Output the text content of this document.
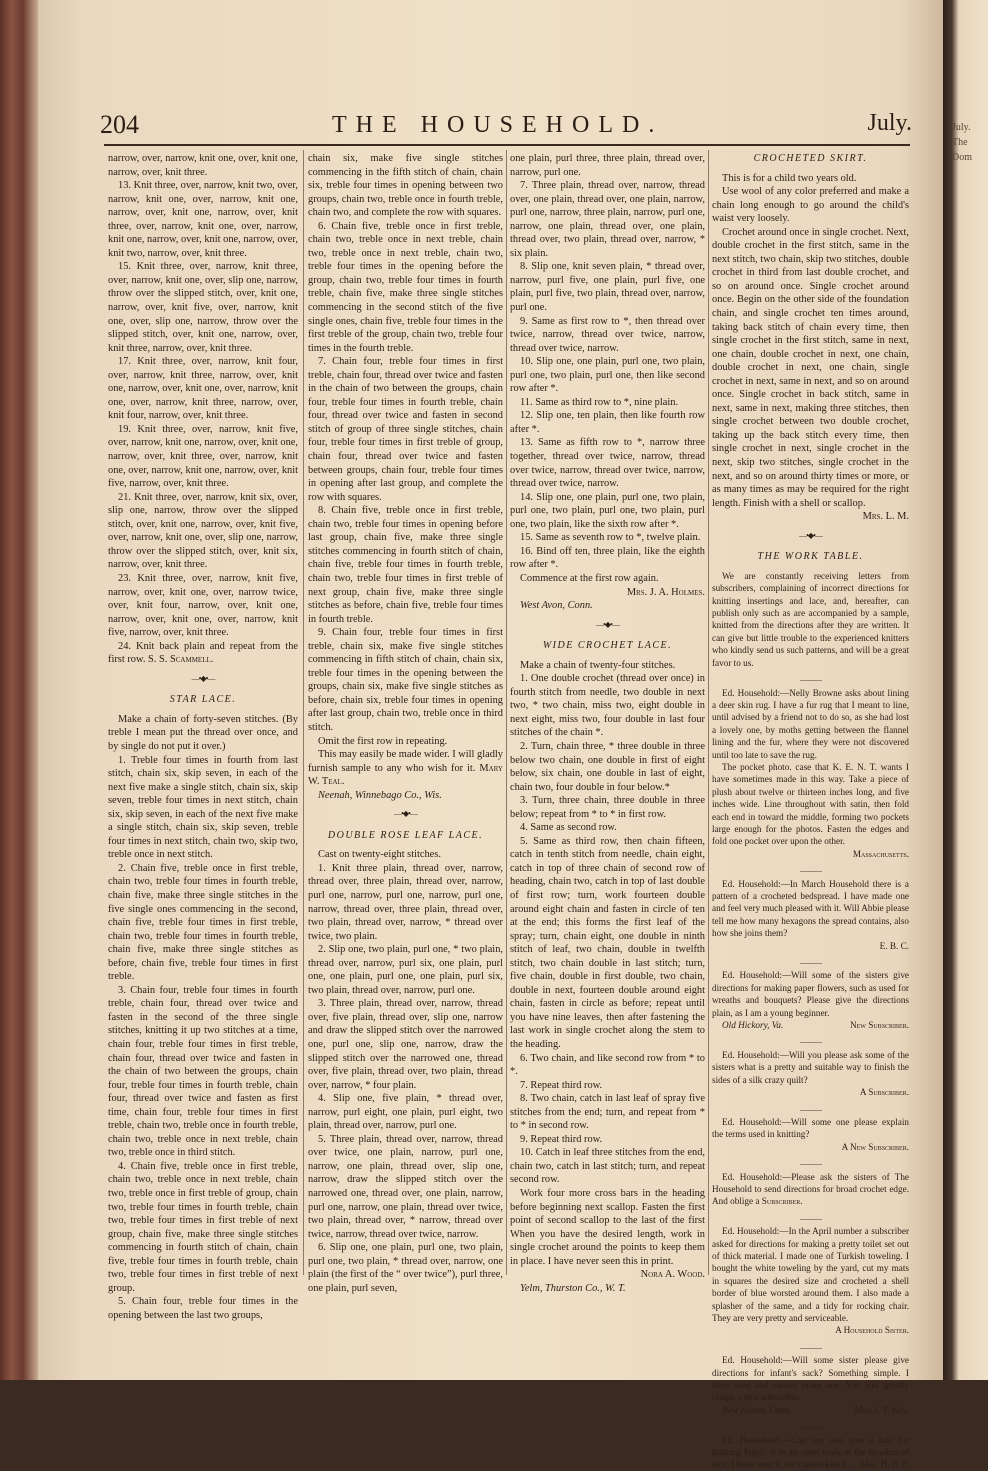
July.
The Dom
204	THE HOUSEHOLD.	July.

narrow, over, narrow, knit one, over, knit one, narrow, over, knit three.

13. Knit three, over, narrow, knit two, over, narrow, knit one, over, narrow, knit one, narrow, over, knit one, narrow, over, knit three, over, narrow, knit one, over, narrow, knit one, narrow, over, knit one, narrow, over, knit two, narrow, over, knit three.

15. Knit three, over, narrow, knit three, over, narrow, knit one, over, slip one, narrow, throw over the slipped stitch, over, knit one, narrow, over, knit five, over, narrow, knit one, over, slip one, narrow, throw over the slipped stitch, over, knit one, narrow, over, knit three, narrow, over, knit three.

17. Knit three, over, narrow, knit four, over, narrow, knit three, narrow, over, knit one, narrow, over, knit one, over, narrow, knit one, over, narrow, knit three, narrow, over, knit four, narrow, over, knit three.

19. Knit three, over, narrow, knit five, over, narrow, knit one, narrow, over, knit one, narrow, over, knit three, over, narrow, knit one, over, narrow, knit one, narrow, over, knit five, narrow, over, knit three.

21. Knit three, over, narrow, knit six, over, slip one, narrow, throw over the slipped stitch, over, knit one, narrow, over, knit five, over, narrow, knit one, over, slip one, narrow, throw over the slipped stitch, over, knit six, narrow, over, knit three.

23. Knit three, over, narrow, knit five, narrow, over, knit one, over, narrow twice, over, knit four, narrow, over, knit one, narrow, over, knit one, over, narrow, knit five, narrow, over, knit three.

24. Knit back plain and repeat from the first row. S. S. Scammell.

―•◆•―
STAR LACE.

Make a chain of forty-seven stitches. (By treble I mean put the thread over once, and by single do not put it over.)

1. Treble four times in fourth from last stitch, chain six, skip seven, in each of the next five make a single stitch, chain six, skip seven, treble four times in next stitch, chain six, skip seven, in each of the next five make a single stitch, chain six, skip seven, treble four times in next stitch, chain two, skip two, treble once in next stitch.

2. Chain five, treble once in first treble, chain two, treble four times in fourth treble, chain five, make three single stitches in the five single ones commencing in the second, chain five, treble four times in first treble, chain two, treble four times in fourth treble, chain five, make three single stitches as before, chain five, treble four times in first treble.

3. Chain four, treble four times in fourth treble, chain four, thread over twice and fasten in the second of the three single stitches, knitting it up two stitches at a time, chain four, treble four times in first treble, chain four, thread over twice and fasten in the chain of two between the groups, chain four, treble four times in fourth treble, chain four, thread over twice and fasten as first time, chain four, treble four times in first treble, chain two, treble once in fourth treble, chain two, treble once in next treble, chain two, treble once in third stitch.

4. Chain five, treble once in first treble, chain two, treble once in next treble, chain two, treble once in first treble of group, chain two, treble four times in fourth treble, chain two, treble four times in first treble of next group, chain five, make three single stitches commencing in fourth stitch of chain, chain five, treble four times in fourth treble, chain two, treble four times in first treble of next group.

5. Chain four, treble four times in the opening between the last two groups,

chain six, make five single stitches commencing in the fifth stitch of chain, chain six, treble four times in opening between two groups, chain two, treble once in fourth treble, chain two, and complete the row with squares.

6. Chain five, treble once in first treble, chain two, treble once in next treble, chain two, treble once in next treble, chain two, treble four times in the opening before the group, chain two, treble four times in fourth treble, chain five, make three single stitches commencing in the second stitch of the five single ones, chain five, treble four times in the first treble of the group, chain two, treble four times in the fourth treble.

7. Chain four, treble four times in first treble, chain four, thread over twice and fasten in the chain of two between the groups, chain four, treble four times in fourth treble, chain four, thread over twice and fasten in second stitch of group of three single stitches, chain four, treble four times in first treble of group, chain four, thread over twice and fasten between groups, chain four, treble four times in opening after last group, and complete the row with squares.

8. Chain five, treble once in first treble, chain two, treble four times in opening before last group, chain five, make three single stitches commencing in fourth stitch of chain, chain five, treble four times in fourth treble, chain two, treble four times in first treble of next group, chain five, make three single stitches as before, chain five, treble four times in fourth treble.

9. Chain four, treble four times in first treble, chain six, make five single stitches commencing in fifth stitch of chain, chain six, treble four times in the opening between the groups, chain six, make five single stitches as before, chain six, treble four times in opening after last group, chain two, treble once in third stitch.

Omit the first row in repeating.

This may easily be made wider. I will gladly furnish sample to any who wish for it. Mary W. Teal.

Neenah, Winnebago Co., Wis.

―•◆•―
DOUBLE ROSE LEAF LACE.

Cast on twenty-eight stitches.

1. Knit three plain, thread over, narrow, thread over, three plain, thread over, narrow, purl one, narrow, purl one, narrow, purl one, narrow, thread over, three plain, thread over, two plain, thread over, narrow, * thread over twice, two plain.

2. Slip one, two plain, purl one, * two plain, thread over, narrow, purl six, one plain, purl one, one plain, purl one, one plain, purl six, two plain, thread over, narrow, purl one.

3. Three plain, thread over, narrow, thread over, five plain, thread over, slip one, narrow and draw the slipped stitch over the narrowed one, purl one, slip one, narrow, draw the slipped stitch over the narrowed one, thread over, five plain, thread over, two plain, thread over, narrow, * four plain.

4. Slip one, five plain, * thread over, narrow, purl eight, one plain, purl eight, two plain, thread over, narrow, purl one.

5. Three plain, thread over, narrow, thread over twice, one plain, narrow, purl one, narrow, one plain, thread over, slip one, narrow, draw the slipped stitch over the narrowed one, thread over, one plain, narrow, purl one, narrow, one plain, thread over twice, two plain, thread over, * narrow, thread over twice, narrow, thread over twice, narrow.

6. Slip one, one plain, purl one, two plain, purl one, two plain, * thread over, narrow, one plain (the first of the “ over twice”), purl three, one plain, purl seven,

one plain, purl three, three plain, thread over, narrow, purl one.

7. Three plain, thread over, narrow, thread over, one plain, thread over, one plain, narrow, purl one, narrow, three plain, narrow, purl one, narrow, one plain, thread over, one plain, thread over, two plain, thread over, narrow, * six plain.

8. Slip one, knit seven plain, * thread over, narrow, purl five, one plain, purl five, one plain, purl five, two plain, thread over, narrow, purl one.

9. Same as first row to *, then thread over twice, narrow, thread over twice, narrow, thread over twice, narrow.

10. Slip one, one plain, purl one, two plain, purl one, two plain, purl one, then like second row after *.

11. Same as third row to *, nine plain.

12. Slip one, ten plain, then like fourth row after *.

13. Same as fifth row to *, narrow three together, thread over twice, narrow, thread over twice, narrow, thread over twice, narrow, thread over twice, narrow.

14. Slip one, one plain, purl one, two plain, purl one, two plain, purl one, two plain, purl one, two plain, like the sixth row after *.

15. Same as seventh row to *, twelve plain.

16. Bind off ten, three plain, like the eighth row after *.

Commence at the first row again.

Mrs. J. A. Holmes.

West Avon, Conn.

―•◆•―
WIDE CROCHET LACE.

Make a chain of twenty-four stitches.

1. One double crochet (thread over once) in fourth stitch from needle, two double in next two, * two chain, miss two, eight double in next eight, miss two, four double in last four stitches of the chain *.

2. Turn, chain three, * three double in three below two chain, one double in first of eight below, six chain, one double in last of eight, chain two, four double in four below.*

3. Turn, three chain, three double in three below; repeat from * to * in first row.

4. Same as second row.

5. Same as third row, then chain fifteen, catch in tenth stitch from needle, chain eight, catch in top of three chain of second row of heading, chain two, catch in top of last double of first row; turn, work fourteen double around eight chain and fasten in circle of ten at the end; this forms the first leaf of the spray; turn, chain eight, one double in ninth stitch of leaf, two chain, double in twelfth stitch, two chain double in last stitch; turn, five chain, double in first double, two chain, double in next, fourteen double around eight chain, fasten in circle as before; repeat until you have nine leaves, then after fastening the last work in single crochet along the stem to the heading.

6. Two chain, and like second row from * to *.

7. Repeat third row.

8. Two chain, catch in last leaf of spray five stitches from the end; turn, and repeat from * to * in second row.

9. Repeat third row.

10. Catch in leaf three stitches from the end, chain two, catch in last stitch; turn, and repeat second row.

Work four more cross bars in the heading before beginning next scallop. Fasten the first point of second scallop to the last of the first When you have the desired length, work in single crochet around the points to keep them in place. I have never seen this in print.

Nora A. Wood.

Yelm, Thurston Co., W. T.

CROCHETED SKIRT.

This is for a child two years old.

Use wool of any color preferred and make a chain long enough to go around the child's waist very loosely.

Crochet around once in single crochet. Next, double crochet in the first stitch, same in the next stitch, two chain, skip two stitches, double crochet in third from last double crochet, and so on around once. Single crochet around once. Begin on the other side of the foundation chain, and single crochet ten times around, taking back stitch of chain every time, then single crochet in the first stitch, same in next, one chain, double crochet in next, one chain, double crochet in next, one chain, single crochet in next, same in next, and so on around once. Single crochet in back stitch, same in next, same in next, making three stitches, then single crochet between two double crochet, taking up the back stitch every time, then single crochet in next, single crochet in the next, skip two stitches, single crochet in the next, and so on around thirty times or more, or as many times as may be required for the right length. Finish with a shell or scallop.

Mrs. L. M.

―•◆•―
THE WORK TABLE.

We are constantly receiving letters from subscribers, complaining of incorrect directions for knitting insertings and lace, and, hereafter, can publish only such as are accompanied by a sample, knitted from the directions after they are written. It can give but little trouble to the experienced knitters who kindly send us such patterns, and will be a great favor to us.

―――

Ed. Household:—Nelly Browne asks about lining a deer skin rug. I have a fur rug that I meant to line, until advised by a friend not to do so, as she had lost a lovely one, by moths getting between the flannel lining and the fur, where they were not discovered until too late to save the rug.

The pocket photo. case that K. E. N. T. wants I have sometimes made in this way. Take a piece of plush about twelve or thirteen inches long, and five inches wide. Line throughout with satin, then fold each end in toward the middle, forming two pockets large enough for the photos. Fasten the edges and fold one pocket over upon the other.

Massachusetts.

―――

Ed. Household:—In March Household there is a pattern of a crocheted bedspread. I have made one and feel very much pleased with it. Will Abbie please tell me how many hexagons the spread contains, also how she joins them?

E. B. C.

―――

Ed. Household:—Will some of the sisters give directions for making paper flowers, such as used for wreaths and bouquets? Please give the directions plain, as I am a young beginner.

Old Hickory, Va.	New Subscriber.

―――

Ed. Household:—Will you please ask some of the sisters what is a pretty and suitable way to finish the sides of a silk crazy quilt?

A Subscriber.

―――

Ed. Household:—Will some one please explain the terms used in knitting?

A New Subscriber.

―――

Ed. Household:—Please ask the sisters of The Household to send directions for broad crochet edge. And oblige a Subscriber.

―――

Ed. Household:—In the April number a subscriber asked for directions for making a pretty toilet set out of thick material. I made one of Turkish toweling. I bought the white toweling by the yard, cut my mats in squares the desired size and crocheted a shell border of blue worsted around them. I also made a splasher of the same, and a tidy for rocking chair. They are very pretty and serviceable.

A Household Sister.

―――

Ed. Household:—Will some sister please give directions for infant's sack? Something simple. I have tried and cannot make one. You will greatly oblige a new subscriber.

New Haven, Conn.	Mrs. J. T. Key.

―――

Ed. Household:—Can any one give a rule for knitting fagot? It is an open work at the heading of lace. I have seen it, but cannot knit it.	Mrs. H. B. F.
